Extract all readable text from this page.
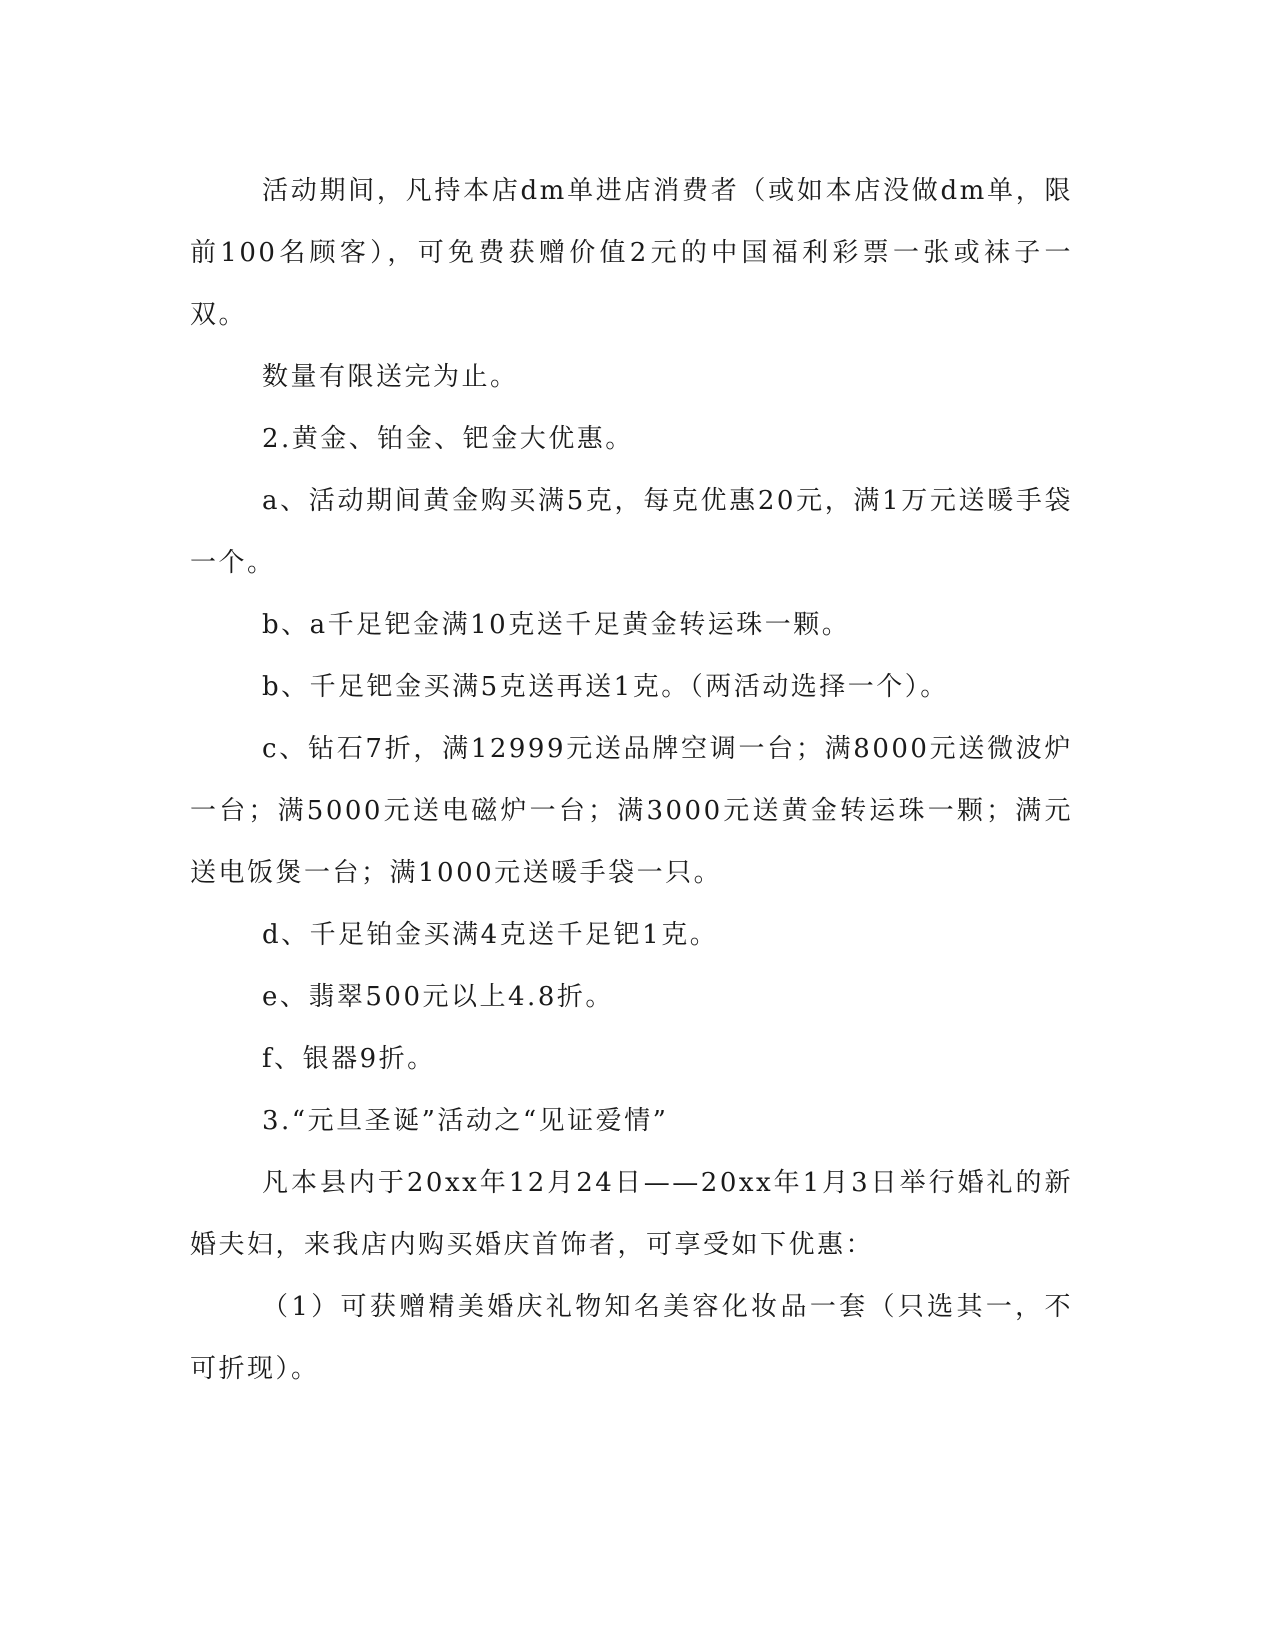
活动期间，凡持本店dm单进店消费者（或如本店没做dm单，限前100名顾客），可免费获赠价值2元的中国福利彩票一张或袜子一双。

数量有限送完为止。

2.黄金、铂金、钯金大优惠。

a、活动期间黄金购买满5克，每克优惠20元，满1万元送暖手袋一个。

b、a千足钯金满10克送千足黄金转运珠一颗。

b、千足钯金买满5克送再送1克。（两活动选择一个）。

c、钻石7折，满12999元送品牌空调一台；满8000元送微波炉一台；满5000元送电磁炉一台；满3000元送黄金转运珠一颗；满元送电饭煲一台；满1000元送暖手袋一只。

d、千足铂金买满4克送千足钯1克。

e、翡翠500元以上4.8折。

f、银器9折。

3.“元旦圣诞”活动之“见证爱情”

凡本县内于20xx年12月24日——20xx年1月3日举行婚礼的新婚夫妇，来我店内购买婚庆首饰者，可享受如下优惠：

（1）可获赠精美婚庆礼物知名美容化妆品一套（只选其一，不可折现）。
